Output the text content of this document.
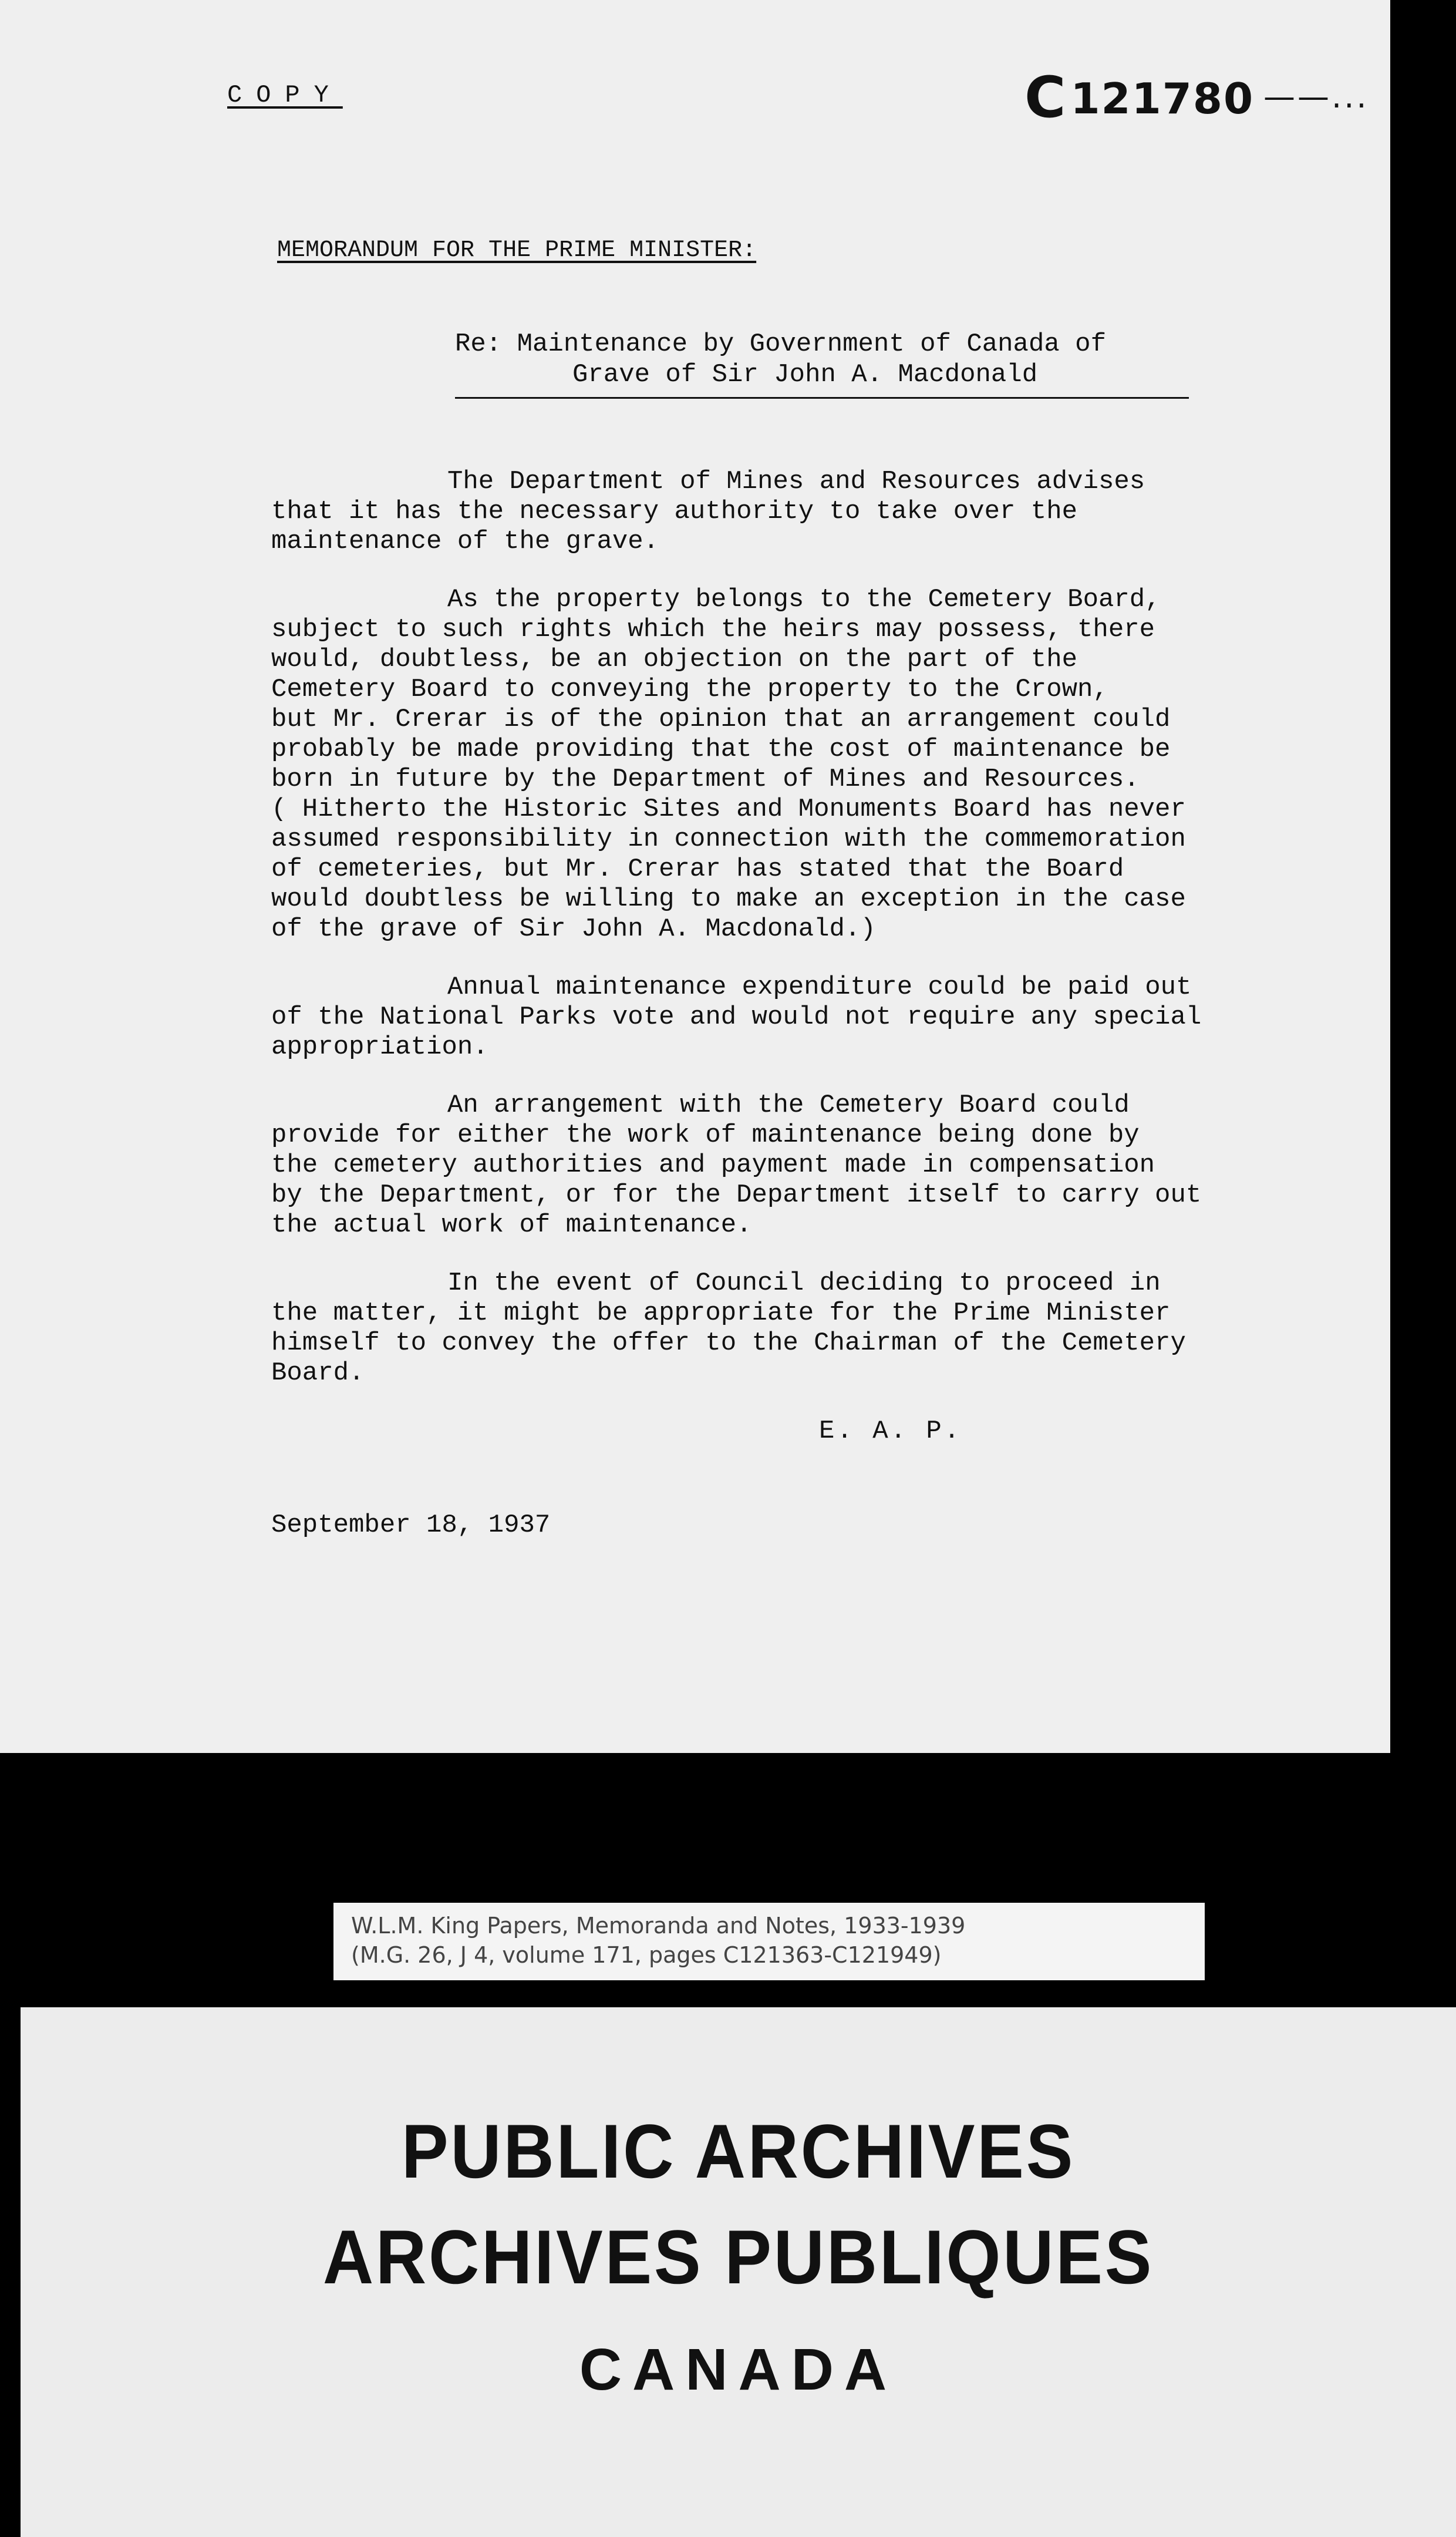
COPY	C121780 ——...
MEMORANDUM FOR THE PRIME MINISTER:
Re: Maintenance by Government of Canada of
Grave of Sir John A. Macdonald

The Department of Mines and Resources advises
that it has the necessary authority to take over the
maintenance of the grave.

As the property belongs to the Cemetery Board,
subject to such rights which the heirs may possess, there
would, doubtless, be an objection on the part of the
Cemetery Board to conveying the property to the Crown,
but Mr. Crerar is of the opinion that an arrangement could
probably be made providing that the cost of maintenance be
born in future by the Department of Mines and Resources.
( Hitherto the Historic Sites and Monuments Board has never
assumed responsibility in connection with the commemoration
of cemeteries, but Mr. Crerar has stated that the Board
would doubtless be willing to make an exception in the case
of the grave of Sir John A. Macdonald.)

Annual maintenance expenditure could be paid out
of the National Parks vote and would not require any special
appropriation.

An arrangement with the Cemetery Board could
provide for either the work of maintenance being done by
the cemetery authorities and payment made in compensation
by the Department, or for the Department itself to carry out
the actual work of maintenance.

In the event of Council deciding to proceed in
the matter, it might be appropriate for the Prime Minister
himself to convey the offer to the Chairman of the Cemetery
Board.

E. A. P.
September 18, 1937
W.L.M. King Papers, Memoranda and Notes, 1933-1939
(M.G. 26, J 4, volume 171, pages C121363-C121949)
PUBLIC ARCHIVES
ARCHIVES PUBLIQUES
CANADA
